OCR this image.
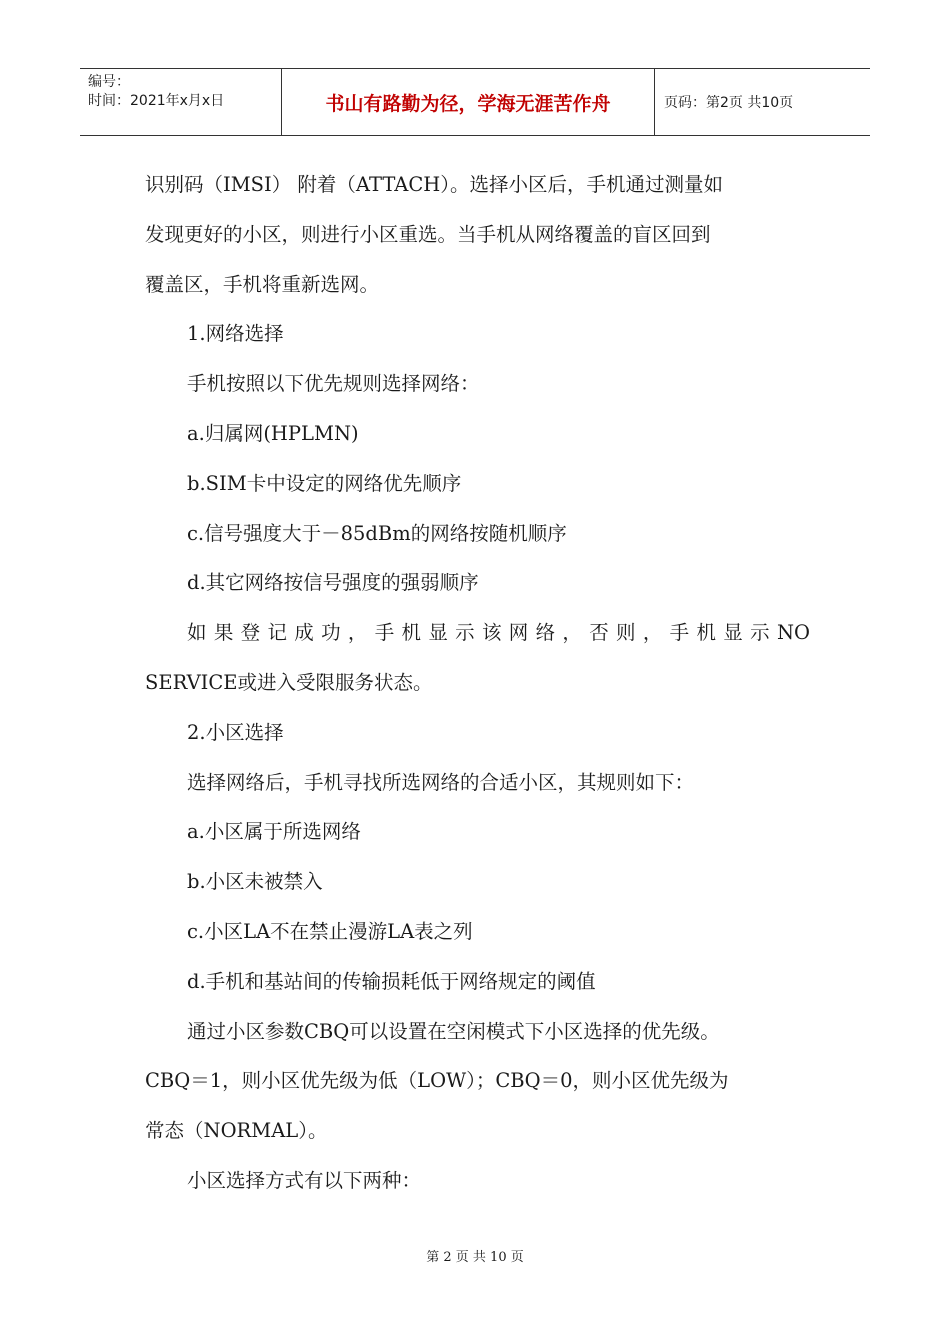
编号：
时间：2021年x月x日	书山有路勤为径，学海无涯苦作舟	页码：第2页 共10页

识别码（IMSI） 附着（ATTACH）。选择小区后，手机通过测量如

发现更好的小区，则进行小区重选。当手机从网络覆盖的盲区回到

覆盖区，手机将重新选网。

1.网络选择

手机按照以下优先规则选择网络：

a.归属网(HPLMN)

b.SIM卡中设定的网络优先顺序

c.信号强度大于－85dBm的网络按随机顺序

d.其它网络按信号强度的强弱顺序

如果登记成功，手机显示该网络，否则，手机显示NO

SERVICE或进入受限服务状态。

2.小区选择

选择网络后，手机寻找所选网络的合适小区，其规则如下：

a.小区属于所选网络

b.小区未被禁入

c.小区LA不在禁止漫游LA表之列

d.手机和基站间的传输损耗低于网络规定的阈值

通过小区参数CBQ可以设置在空闲模式下小区选择的优先级。

CBQ＝1，则小区优先级为低（LOW）；CBQ＝0，则小区优先级为

常态（NORMAL）。

小区选择方式有以下两种：

第 2 页 共 10 页
